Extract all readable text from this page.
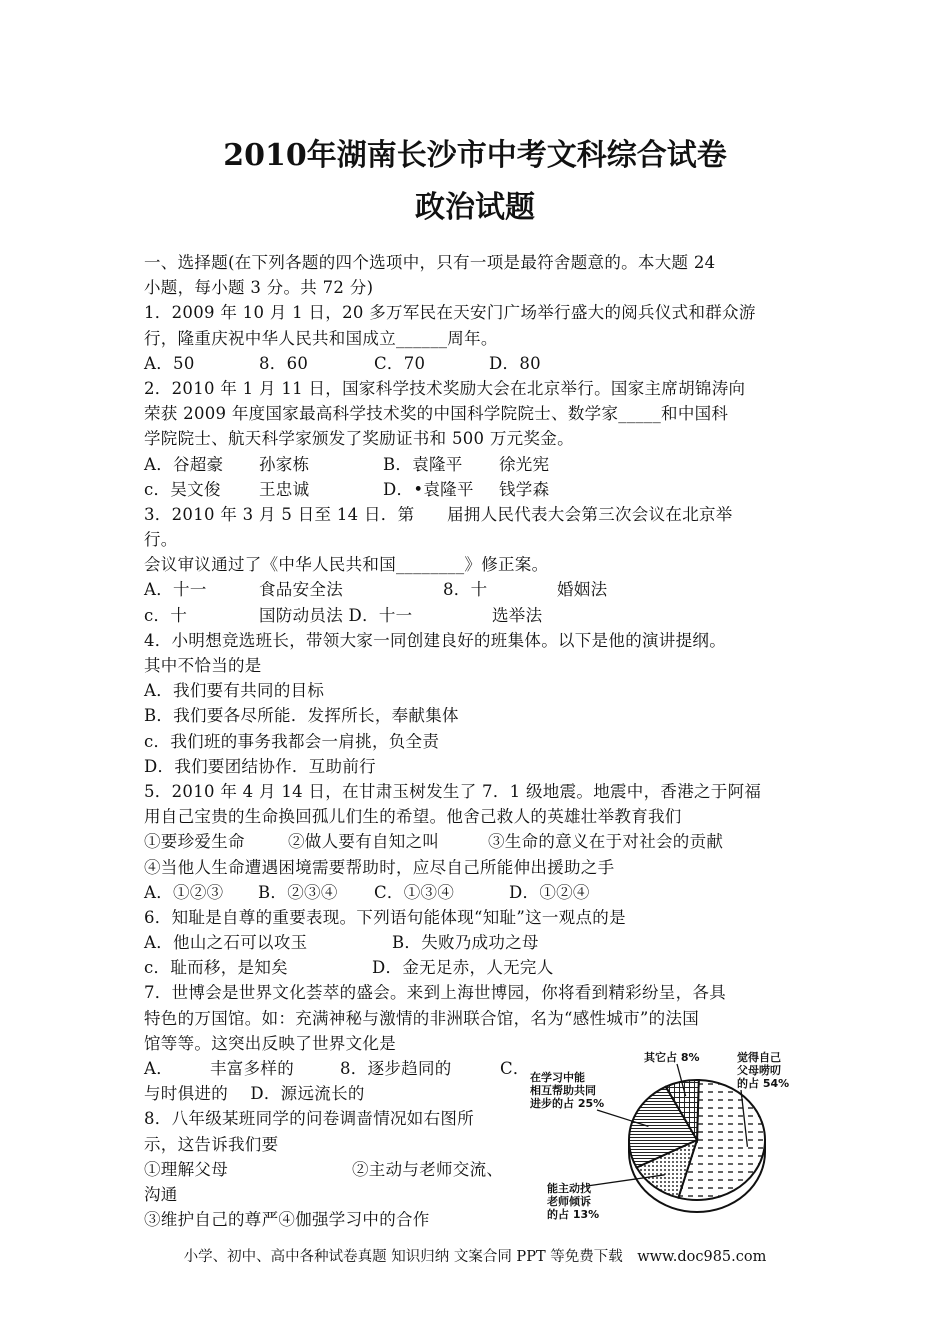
2010年湖南长沙市中考文科综合试卷
政治试题
一、选择题(在下列各题的四个选项中，只有一项是最符舍题意的。本大题 24
小题，每小题 3 分。共 72 分)
1．2009 年 10 月 1 日，20 多万军民在天安门广场举行盛大的阅兵仪式和群众游
行，隆重庆祝中华人民共和国成立______周年。
A．50	8．60	C．70	D．80
2．2010 年 1 月 11 日，国家科学技术奖励大会在北京举行。国家主席胡锦涛向
荣获 2009 年度国家最高科学技术奖的中国科学院院士、数学家_____和中国科
学院院士、航天科学家颁发了奖励证书和 500 万元奖金。
A．谷超豪 孙家栋	B．袁隆平 徐光宪
c．吴文俊 王忠诚	D．•袁隆平 钱学森
3．2010 年 3 月 5 日至 14 日．第 届拥人民代表大会第三次会议在北京举
行。
会议审议通过了《中华人民共和国________》修正案。
A．十一	食品安全法	8．十	婚姻法
c．十	国防动员法 D．十一	选举法
4．小明想竞选班长，带领大家一同创建良好的班集体。以下是他的演讲提纲。
其中不恰当的是
A．我们要有共同的目标
B．我们要各尽所能．发挥所长，奉献集体
c．我们班的事务我都会一肩挑，负全责
D．我们要团结协作．互助前行
5．2010 年 4 月 14 日，在甘肃玉树发生了 7．1 级地震。地震中，香港之于阿福
用自己宝贵的生命换回孤儿们生的希望。他舍己救人的英雄壮举教育我们
①要珍爱生命	②做人要有自知之叫	③生命的意义在于对社会的贡献
④当他人生命遭遇困境需要帮助时，应尽自己所能伸出援助之手
A．①②③ B．②③④ C．①③④	D．①②④
6．知耻是自尊的重要表现。下列语句能体现“知耻”这一观点的是
A．他山之石可以攻玉	B．失败乃成功之母
c．耻而移，是知矣	D．金无足赤，人无完人
7．世博会是世界文化荟萃的盛会。来到上海世博园，你将看到精彩纷呈，各具
特色的万国馆。如：充满神秘与激情的非洲联合馆，名为“感性城市”的法国
馆等等。这突出反映了世界文化是
A． 丰富多样的	8．逐步趋同的	C．
与时俱进的　 D．源远流长的
8．八年级某班同学的问卷调啬情况如右图所
示，这告诉我们要
①理解父母	②主动与老师交流、
沟通
③维护自己的尊严④伽强学习中的合作
觉得自己
父母唠叨
的占 54%
能主动找
老师倾诉
的占 13%
在学习中能
相互帮助共同
进步的占 25%
其它占 8%
小学、初中、高中各种试卷真题 知识归纳 文案合同 PPT 等免费下载　www.doc985.com
